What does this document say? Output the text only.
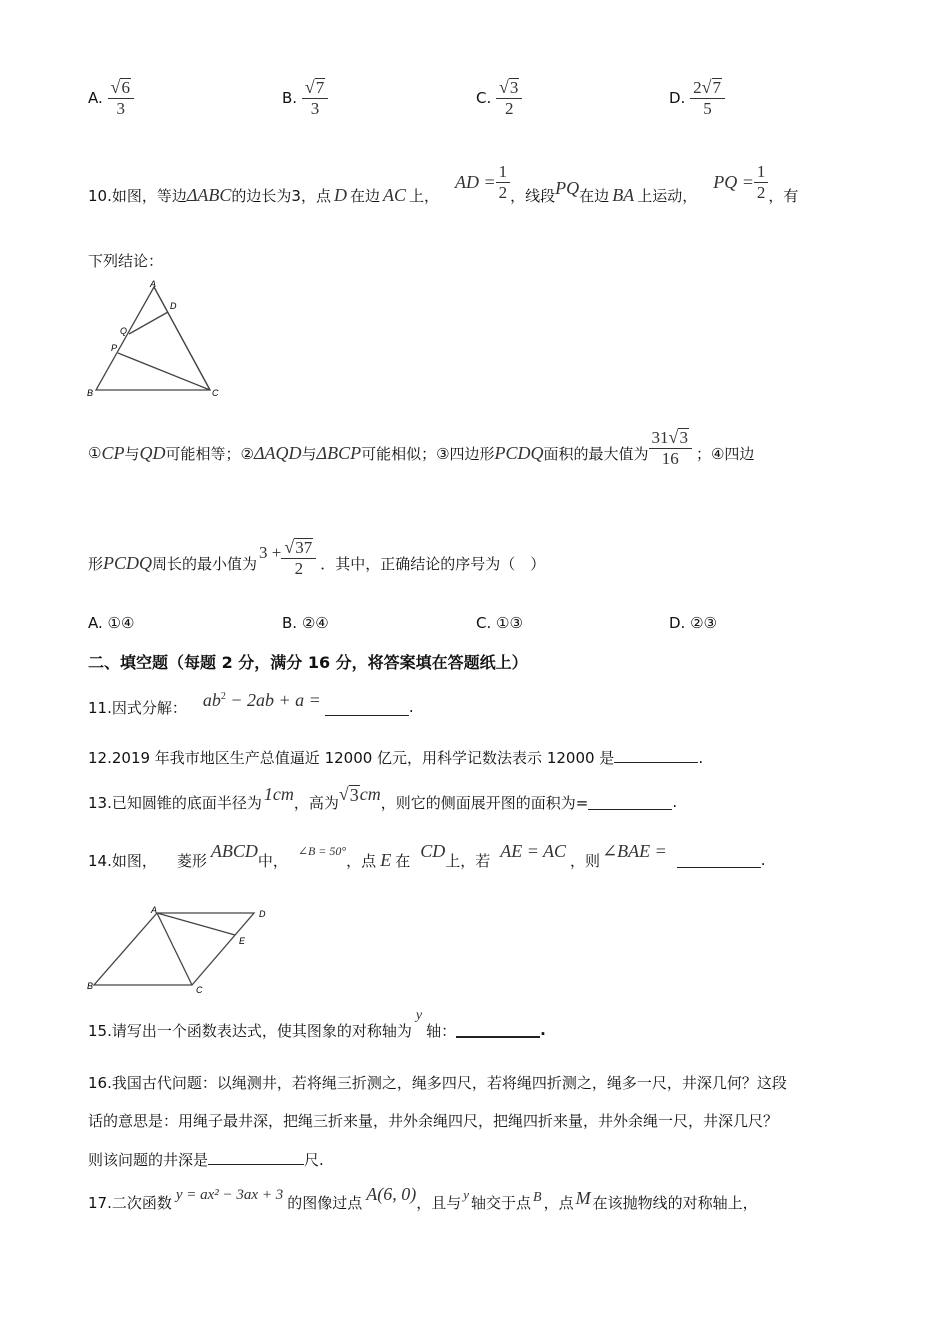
A. $\frac{√ 6}{3}$	B. $\frac{√ 7}{3}$	C. $\frac{√ 3}{2}$	D. $\frac{2 √ 7}{5}$
10.如图，等边 ΔABC 的边长为3，点 D 在边 AC 上，
AD = $\frac{1}{2}$ ，线段 PQ 在边 BA 上运动，
PQ = $\frac{1}{2}$ ，有
下列结论：
A
D
Q
P
B	C
① CP 与 QD 可能相等；② ΔAQD 与 ΔBCP 可能相似；③四边形 PCDQ 面积的最大值为 $\frac{31 √ 3}{16}$ ；④四边
形 PCDQ 周长的最小值为
$3 + \frac{√ 37}{2}$ ．其中，正确结论的序号为（　）
A. ①④	B. ②④	C. ①③	D. ②③
二、填空题（每题 2 分，满分 16 分，将答案填在答题纸上）
11.因式分解： $ab^2 - 2ab + a$ =	.
12.2019 年我市地区生产总值逼近 12000 亿元，用科学记数法表示 12000 是	.
13.已知圆锥的底面半径为 1cm ，高为 √ 3 cm ，则它的侧面展开图的面积为=	.
14.如图， 菱形 ABCD 中，
∠B = 50°
，点 E 在 CD 上，若 AE = AC ，则 ∠BAE =	.
A	D
E
B	C
15.请写出一个函数表达式，使其图象的对称轴为
y
轴：	.
16.我国古代问题：以绳测井，若将绳三折测之，绳多四尺，若将绳四折测之，绳多一尺，井深几何？这段
话的意思是：用绳子最井深，把绳三折来量，井外余绳四尺，把绳四折来量，井外余绳一尺，井深几尺？
则该问题的井深是	尺.
17.二次函数 y = ax² − 3ax + 3 的图像过点 A(6, 0) ，且与 y 轴交于点 B ，点 M 在该抛物线的对称轴上，
